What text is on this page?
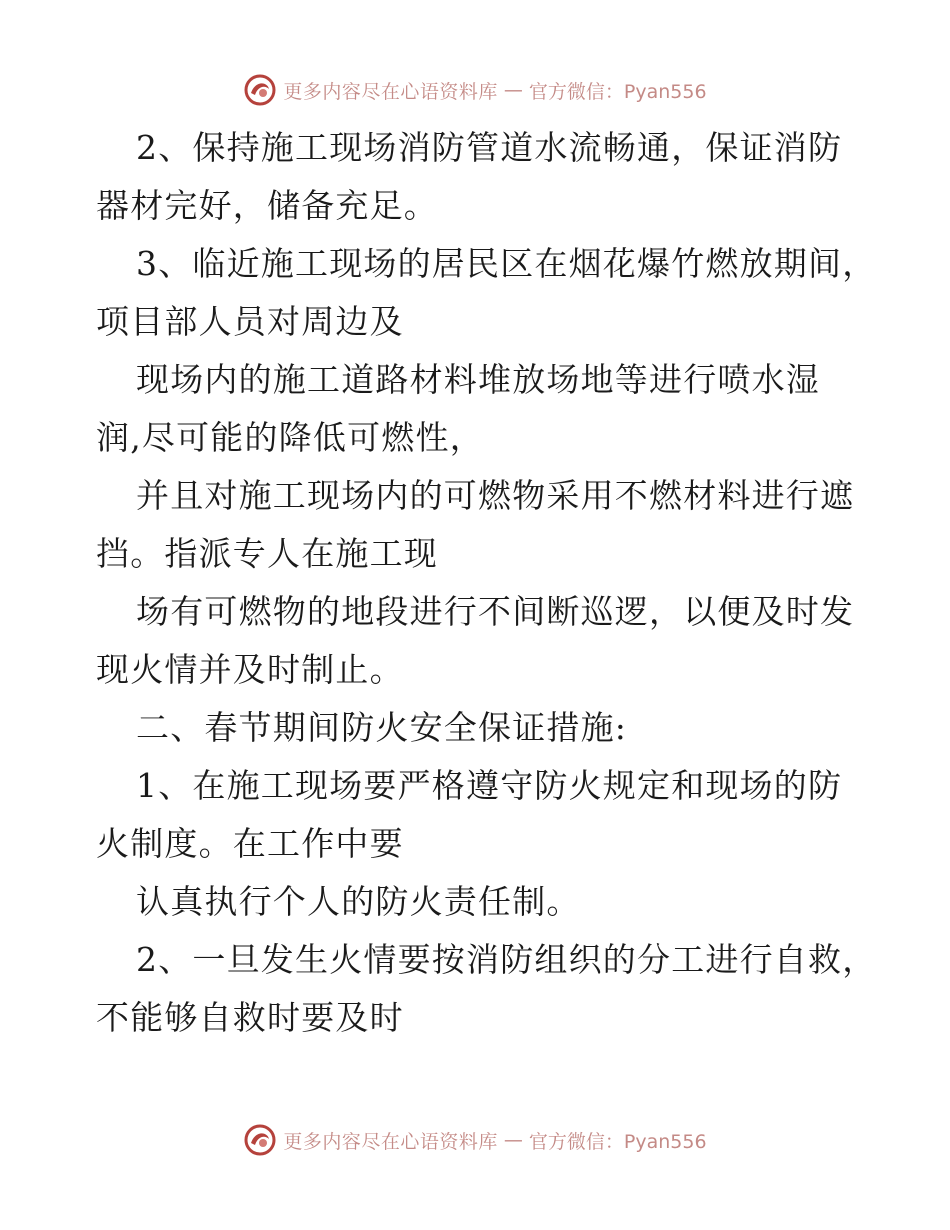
更多内容尽在心语资料库 — 官方微信：Pyan556
2、保持施工现场消防管道水流畅通，保证消防
器材完好，储备充足。
3、临近施工现场的居民区在烟花爆竹燃放期间，
项目部人员对周边及
现场内的施工道路材料堆放场地等进行喷水湿
润,尽可能的降低可燃性，
并且对施工现场内的可燃物采用不燃材料进行遮
挡。指派专人在施工现
场有可燃物的地段进行不间断巡逻，以便及时发
现火情并及时制止。
二、春节期间防火安全保证措施:
1、在施工现场要严格遵守防火规定和现场的防
火制度。在工作中要
认真执行个人的防火责任制。
2、一旦发生火情要按消防组织的分工进行自救，
不能够自救时要及时
更多内容尽在心语资料库 — 官方微信：Pyan556
